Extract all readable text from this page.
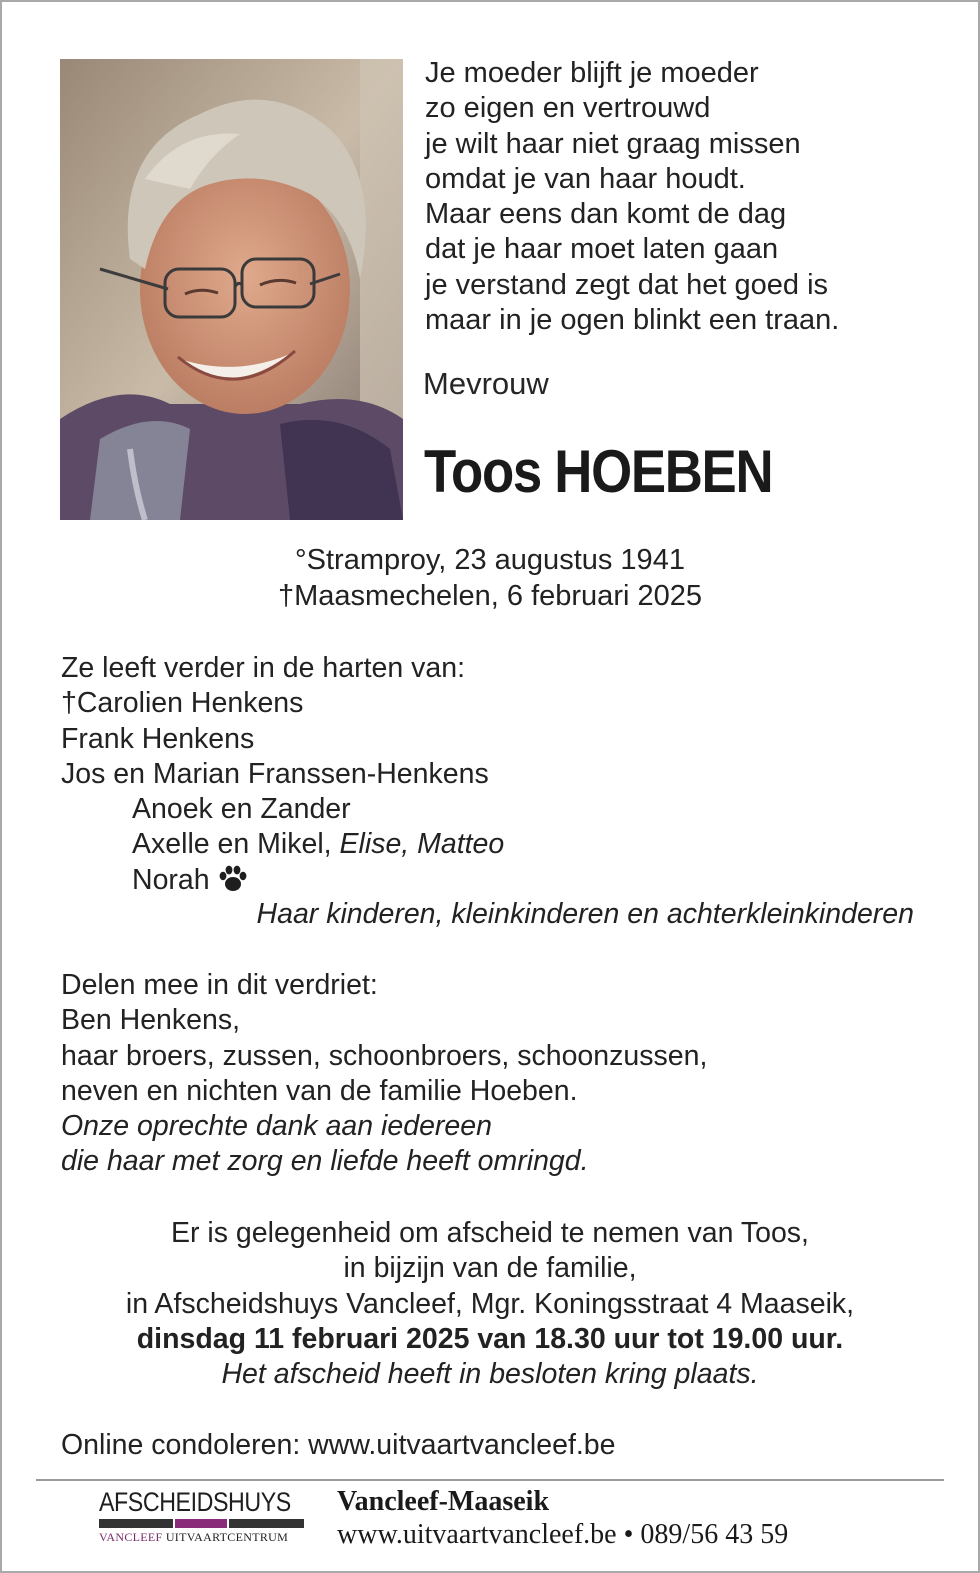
Je moeder blijft je moeder
zo eigen en vertrouwd
je wilt haar niet graag missen
omdat je van haar houdt.
Maar eens dan komt de dag
dat je haar moet laten gaan
je verstand zegt dat het goed is
maar in je ogen blinkt een traan.
Mevrouw
Toos HOEBEN
°Stramproy, 23 augustus 1941
†Maasmechelen, 6 februari 2025
Ze leeft verder in de harten van:
†Carolien Henkens
Frank Henkens
Jos en Marian Franssen-Henkens
Anoek en Zander
Axelle en Mikel, Elise, Matteo
Norah
Haar kinderen, kleinkinderen en achterkleinkinderen
Delen mee in dit verdriet:
Ben Henkens,
haar broers, zussen, schoonbroers, schoonzussen,
neven en nichten van de familie Hoeben.
Onze oprechte dank aan iedereen
die haar met zorg en liefde heeft omringd.
Er is gelegenheid om afscheid te nemen van Toos,
in bijzijn van de familie,
in Afscheidshuys Vancleef, Mgr. Koningsstraat 4 Maaseik,
dinsdag 11 februari 2025 van 18.30 uur tot 19.00 uur.
Het afscheid heeft in besloten kring plaats.
Online condoleren: www.uitvaartvancleef.be
AFSCHEIDSHUYS
VANCLEEF UITVAARTCENTRUM
Vancleef-Maaseik
www.uitvaartvancleef.be • 089/56 43 59
